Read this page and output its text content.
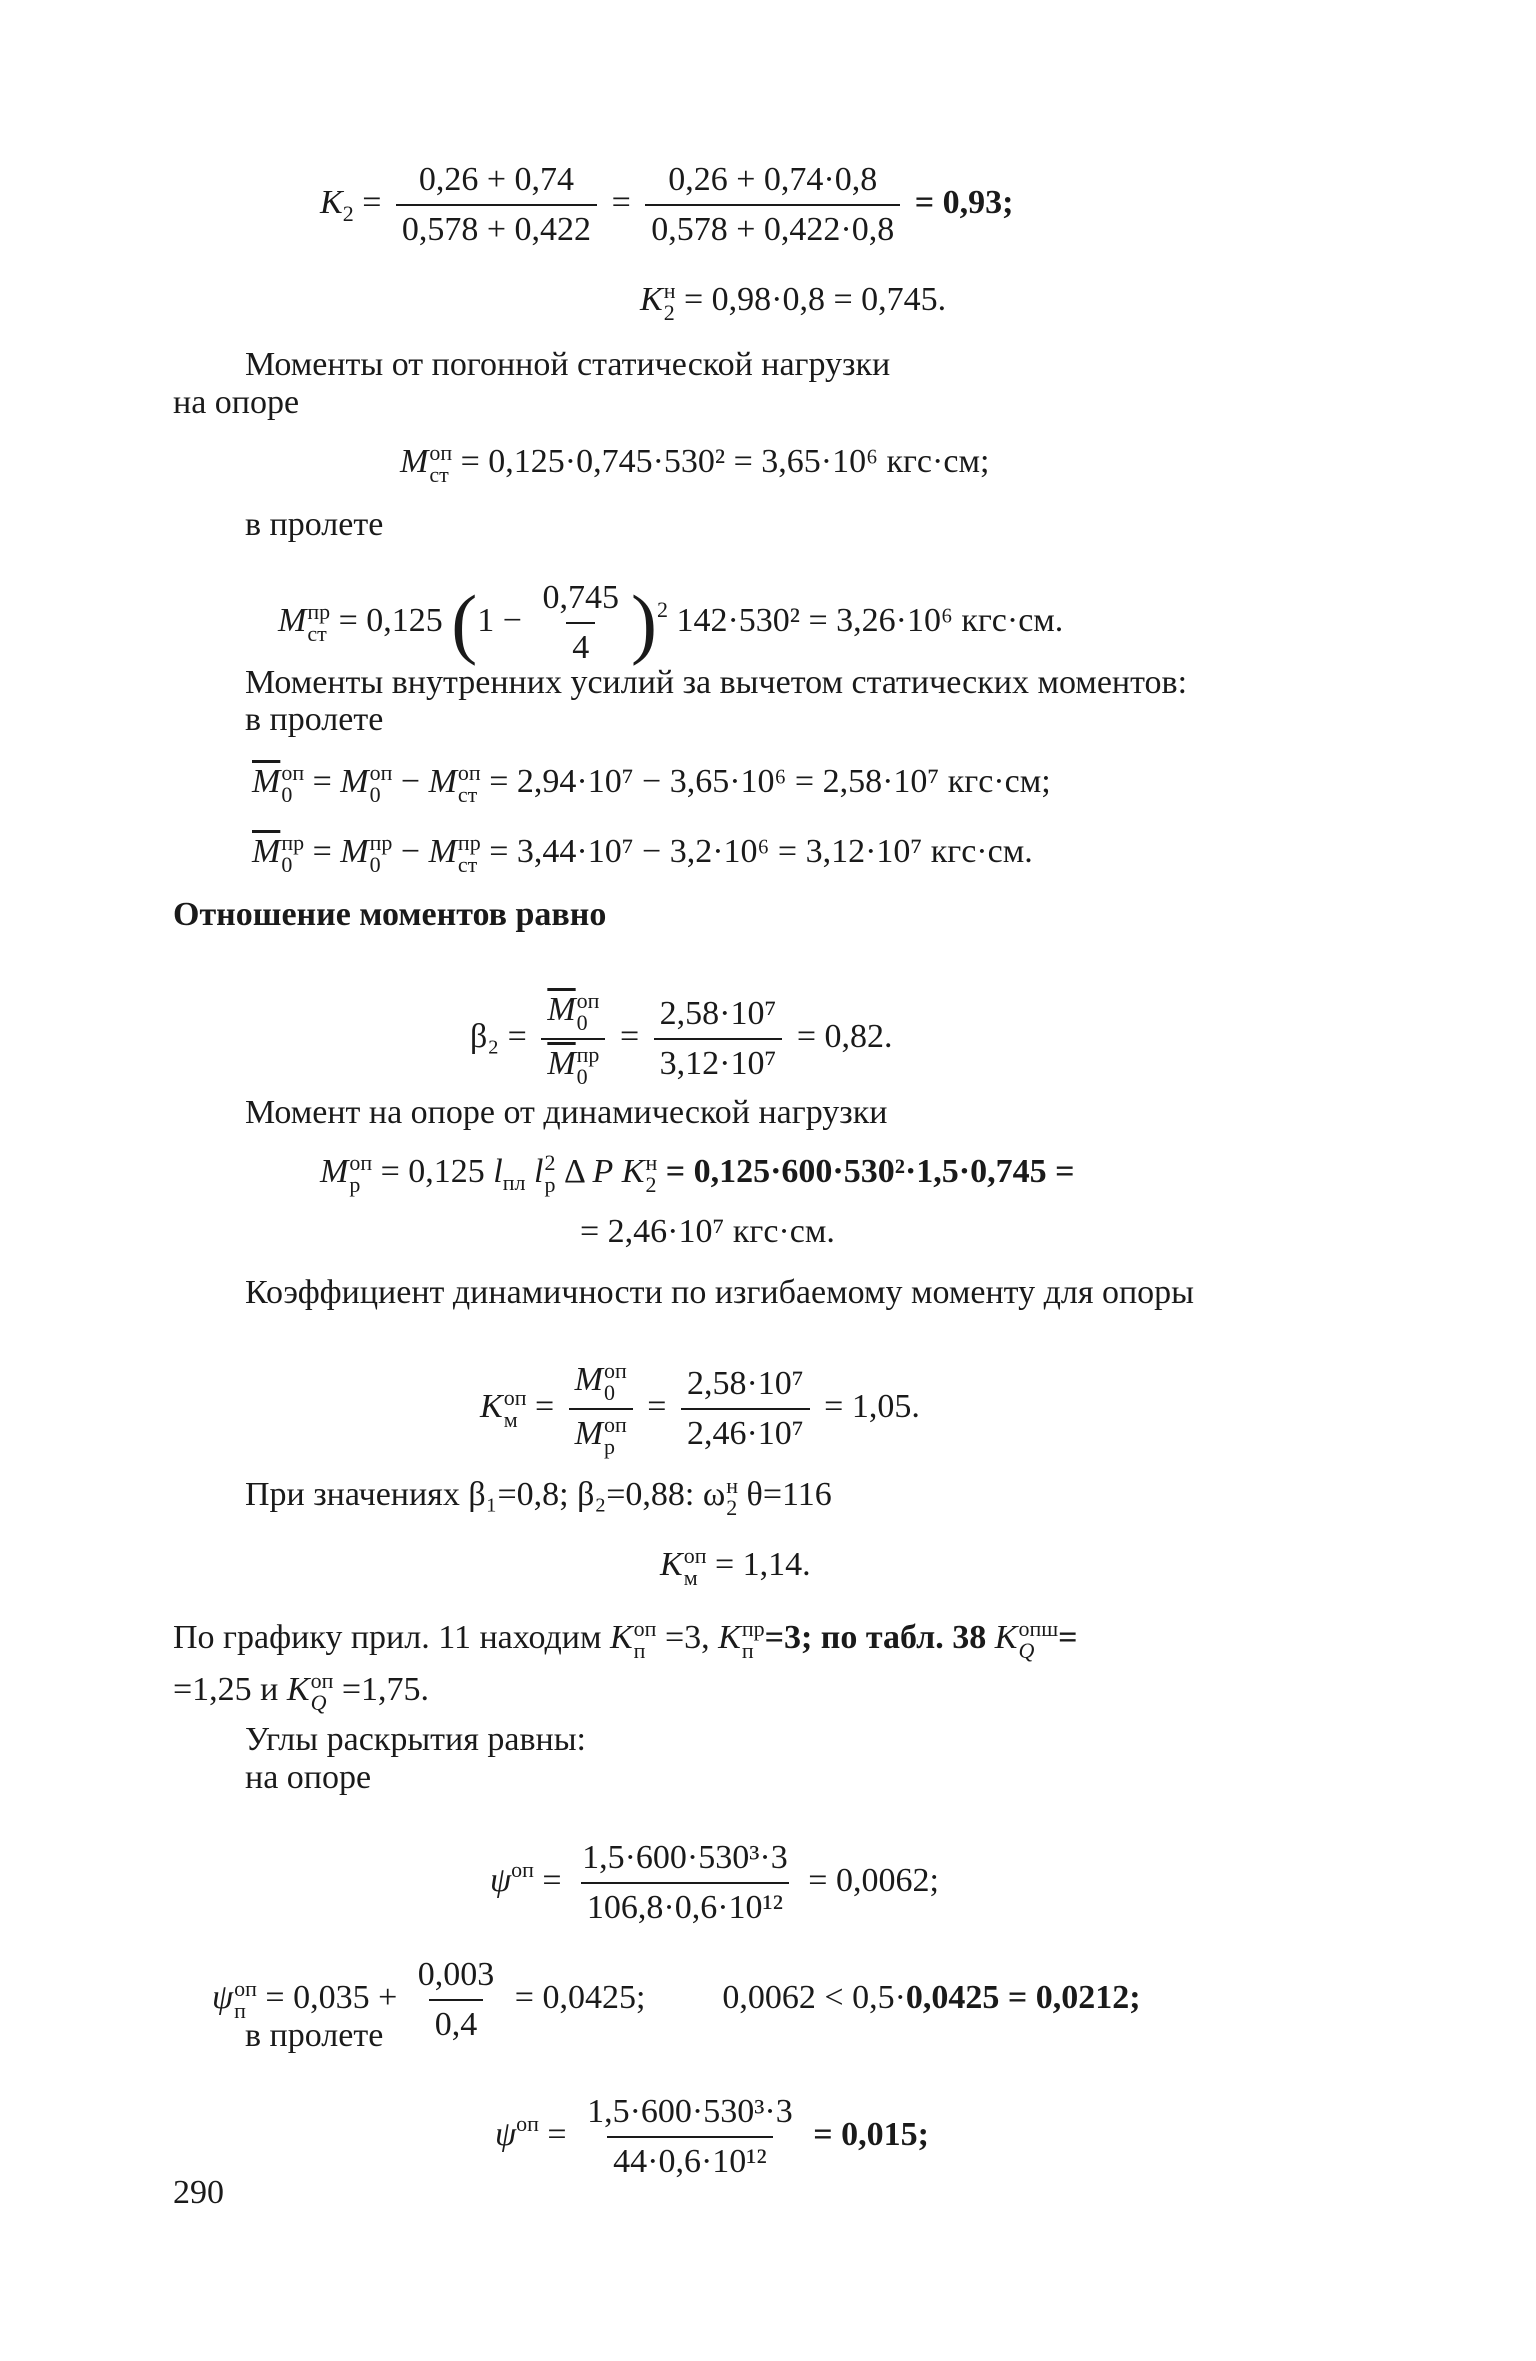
$K_2 = \frac{0,26 + 0,74}{0,578 + 0,422} = \frac{0,26 + 0,74\cdot 0,8}{0,578 + 0,422\cdot 0,8} = 0,93$;
K н
2 = 0,98·0,8 = 0,745.
Моменты от погонной статической нагрузки
на опоре
M оп
ст = 0,125·0,745·530² = 3,65·10⁶ кгс·см;
в пролете
M пр
ст = 0,125 $(1 - \frac{0,745}{4} )^2$ 142·530² = 3,26·10⁶ кгс·см.
Моменты внутренних усилий за вычетом статических моментов:
в пролете
$\overline{M}$ оп
0 = M оп
0 − M оп
ст = 2,94·10⁷ − 3,65·10⁶ = 2,58·10⁷ кгс·см;
$\overline{M}$ пр
0 = M пр
0 − M пр
ст = 3,44·10⁷ − 3,2·10⁶ = 3,12·10⁷ кгс·см.
Отношение моментов равно
$\beta_2 = \overline{M}$ оп
0
$\overline{M}$ пр
$0 = \frac{\text{2,58·10⁷}}{\text{3,12·10⁷}} = 0,82$.
Момент на опоре от динамической нагрузки
M оп
p = 0,125 $l_{пл}$ l 2
p Δ P K н
2 = 0,125·600·530²·1,5·0,745 =
= 2,46·10⁷ кгс·см.
Коэффициент динамичности по изгибаемому моменту для опоры
K оп
м = M оп
0
M оп
$p = \frac{\text{2,58·10⁷}}{\text{2,46·10⁷}} = 1,05$.
При значениях β₁=0,8; β₂=0,88: ω н
2 θ=116
K оп
м = 1,14.
По графику прил. 11 находим K оп
п =3, K пр
п =3; по табл. 38 K опш
Q =
=1,25 и K оп
Q =1,75.
Углы раскрытия равны:
на опоре
$\psi^{оп} = \frac{\text{1,5·600·530³·3}}{\text{106,8·0,6·10¹²}} = 0,0062$;
ψ оп
$п = 0,035 + \frac{0,003}{0,4} = 0,0425$; 0,0062 < 0,5·0,0425 = 0,0212;
в пролете
$\psi^{оп} = \frac{\text{1,5·600·530³·3}}{\text{44·0,6·10¹²}} = 0,015$;
290
